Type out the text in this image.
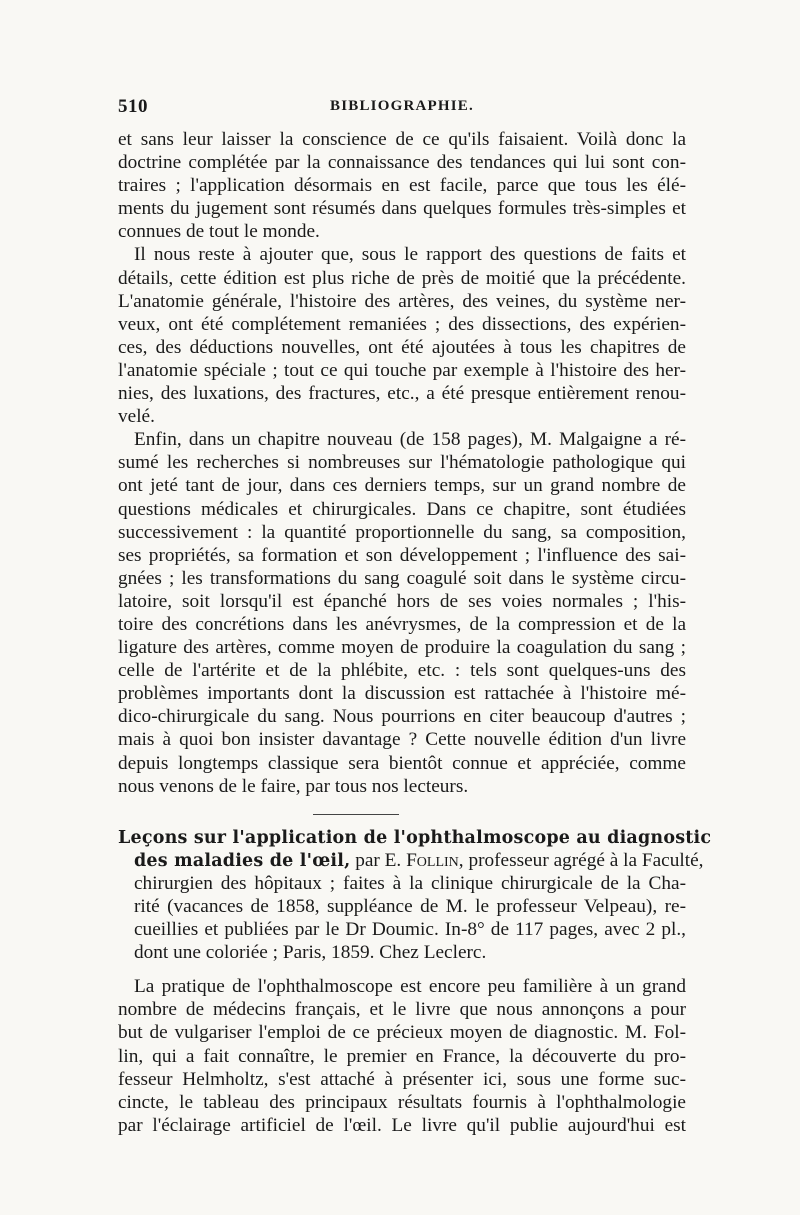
510	BIBLIOGRAPHIE.
et sans leur laisser la conscience de ce qu'ils faisaient. Voilà donc la
doctrine complétée par la connaissance des tendances qui lui sont con-
traires ; l'application désormais en est facile, parce que tous les élé-
ments du jugement sont résumés dans quelques formules très-simples et
connues de tout le monde.
Il nous reste à ajouter que, sous le rapport des questions de faits et
détails, cette édition est plus riche de près de moitié que la précédente.
L'anatomie générale, l'histoire des artères, des veines, du système ner-
veux, ont été complétement remaniées ; des dissections, des expérien-
ces, des déductions nouvelles, ont été ajoutées à tous les chapitres de
l'anatomie spéciale ; tout ce qui touche par exemple à l'histoire des her-
nies, des luxations, des fractures, etc., a été presque entièrement renou-
velé.
Enfin, dans un chapitre nouveau (de 158 pages), M. Malgaigne a ré-
sumé les recherches si nombreuses sur l'hématologie pathologique qui
ont jeté tant de jour, dans ces derniers temps, sur un grand nombre de
questions médicales et chirurgicales. Dans ce chapitre, sont étudiées
successivement : la quantité proportionnelle du sang, sa composition,
ses propriétés, sa formation et son développement ; l'influence des sai-
gnées ; les transformations du sang coagulé soit dans le système circu-
latoire, soit lorsqu'il est épanché hors de ses voies normales ; l'his-
toire des concrétions dans les anévrysmes, de la compression et de la
ligature des artères, comme moyen de produire la coagulation du sang ;
celle de l'artérite et de la phlébite, etc. : tels sont quelques-uns des
problèmes importants dont la discussion est rattachée à l'histoire mé-
dico-chirurgicale du sang. Nous pourrions en citer beaucoup d'autres ;
mais à quoi bon insister davantage ? Cette nouvelle édition d'un livre
depuis longtemps classique sera bientôt connue et appréciée, comme
nous venons de le faire, par tous nos lecteurs.
Leçons sur l'application de l'ophthalmoscope au diagnostic
des maladies de l'œil, par E. Follin, professeur agrégé à la Faculté,
chirurgien des hôpitaux ; faites à la clinique chirurgicale de la Cha-
rité (vacances de 1858, suppléance de M. le professeur Velpeau), re-
cueillies et publiées par le Dr Doumic. In-8° de 117 pages, avec 2 pl.,
dont une coloriée ; Paris, 1859. Chez Leclerc.
La pratique de l'ophthalmoscope est encore peu familière à un grand
nombre de médecins français, et le livre que nous annonçons a pour
but de vulgariser l'emploi de ce précieux moyen de diagnostic. M. Fol-
lin, qui a fait connaître, le premier en France, la découverte du pro-
fesseur Helmholtz, s'est attaché à présenter ici, sous une forme suc-
cincte, le tableau des principaux résultats fournis à l'ophthalmologie
par l'éclairage artificiel de l'œil. Le livre qu'il publie aujourd'hui est
